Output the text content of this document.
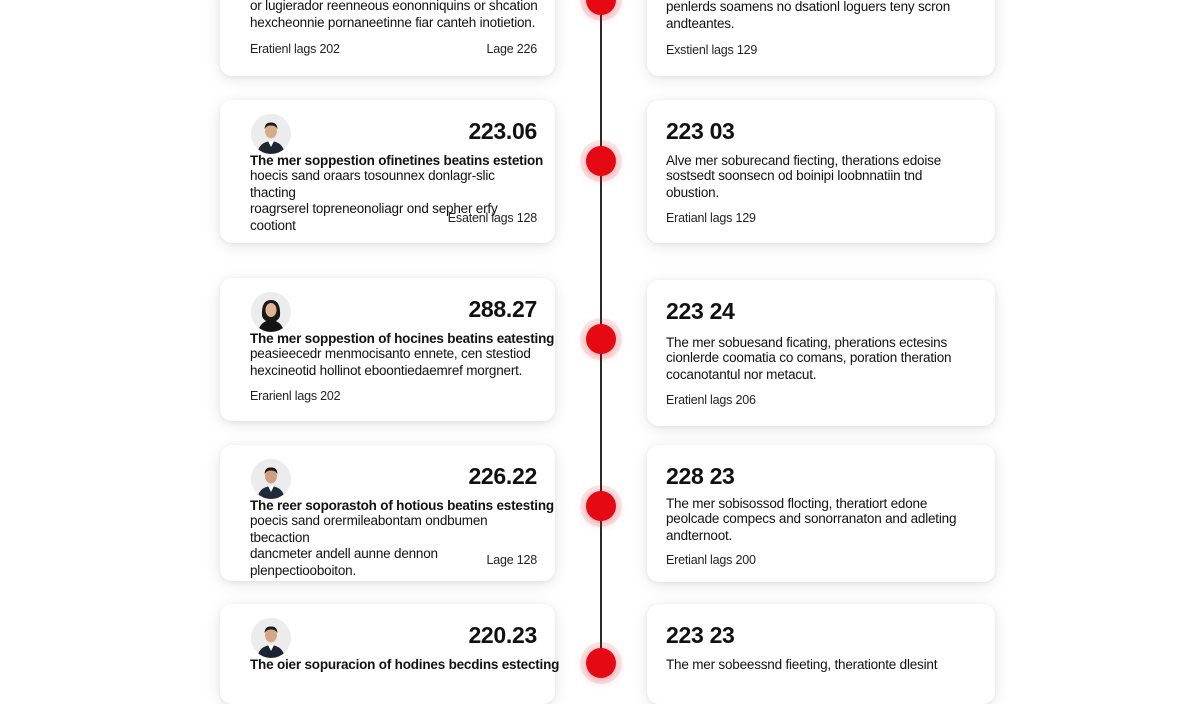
or lugierador reenneous eononniquins or shcation
hexcheonnie pornaneetinne fiar canteh inotietion.
Eratienl lags 202	Lage 226
223.06
The mer soppestion ofinetines beatins estetion
hoecis sand oraars tosounnex donlagr-slic thacting
roagrserel topreneonoliagr ond sepher erfy cootiont	Esatenl lags 128
288.27
The mer soppestion of hocines beatins eatesting
peasieecedr menmocisanto ennete, cen stestiod
hexcineotid hollinot eboontiedaemref morgnert.
Erarienl lags 202
226.22
The reer soporastoh of hotious beatins estesting
poecis sand orermileabontam ondbumen tbecaction
dancmeter andell aunne dennon plenpectiooboiton.
Lage 128
220.23
The oier sopuracion of hodines becdins estecting
penlerds soamens no dsationl loguers teny scron
andteantes.
Exstienl lags 129
223 03
Alve mer soburecand fiecting, therations edoise
sostsedt soonsecn od boinipi loobnnatiin tnd
obustion.
Eratianl lags 129
223 24
The mer sobuesand ficating, pherations ectesins
cionlerde coomatia co comans, poration theration
cocanotantul nor metacut.
Eratienl lags 206
228 23
The mer sobisossod flocting, theratiort edone
peolcade compecs and sonorranaton and adleting
andternoot.
Eretianl lags 200
223 23
The mer sobeessnd fieeting, therationte dlesint
